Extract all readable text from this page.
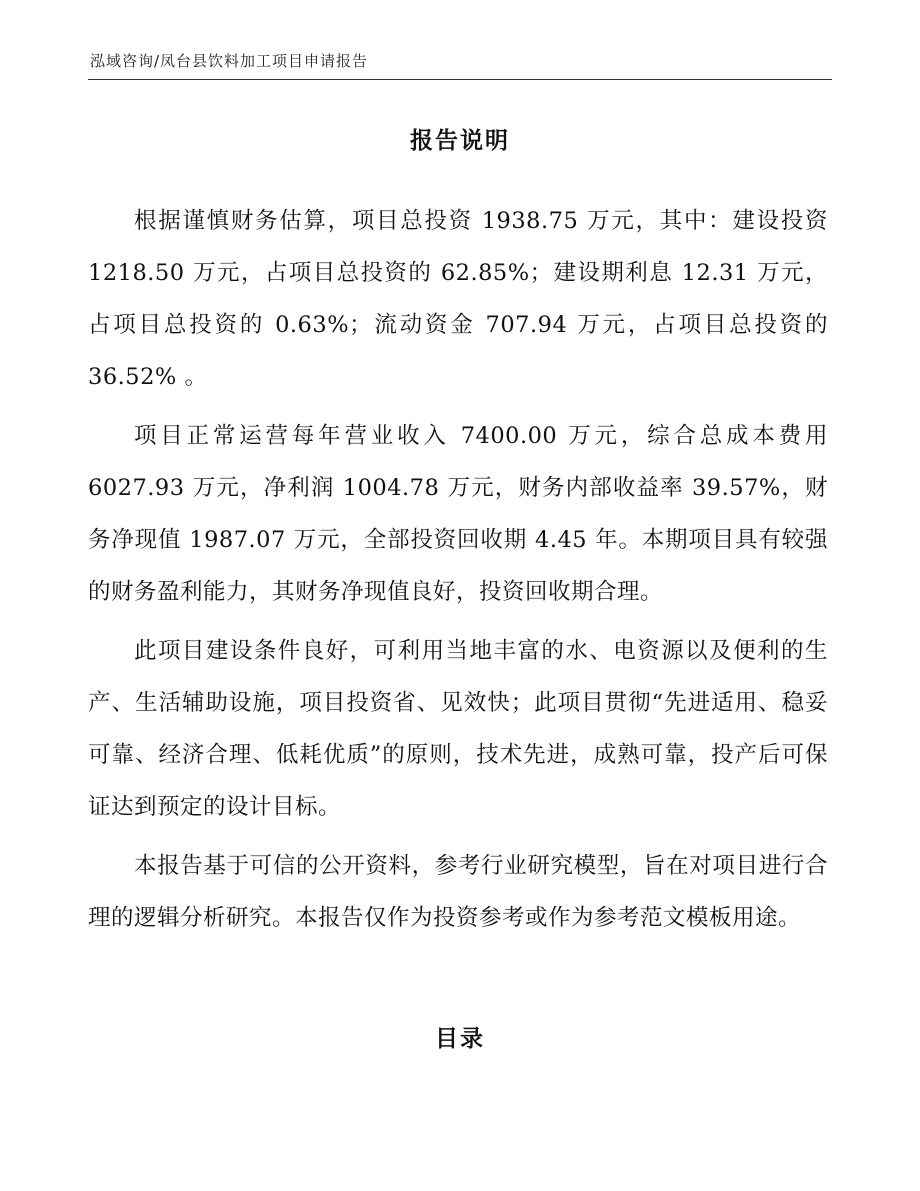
泓域咨询/凤台县饮料加工项目申请报告
报告说明

根据谨慎财务估算，项目总投资 1938.75 万元，其中：建设投资 1218.50 万元，占项目总投资的 62.85%；建设期利息 12.31 万元，占项目总投资的 0.63%；流动资金 707.94 万元，占项目总投资的 36.52% 。

项目正常运营每年营业收入 7400.00 万元，综合总成本费用 6027.93 万元，净利润 1004.78 万元，财务内部收益率 39.57%，财务净现值 1987.07 万元，全部投资回收期 4.45 年。本期项目具有较强的财务盈利能力，其财务净现值良好，投资回收期合理。

此项目建设条件良好，可利用当地丰富的水、电资源以及便利的生产、生活辅助设施，项目投资省、见效快；此项目贯彻“先进适用、稳妥可靠、经济合理、低耗优质”的原则，技术先进，成熟可靠，投产后可保证达到预定的设计目标。

本报告基于可信的公开资料，参考行业研究模型，旨在对项目进行合理的逻辑分析研究。本报告仅作为投资参考或作为参考范文模板用途。

目录
